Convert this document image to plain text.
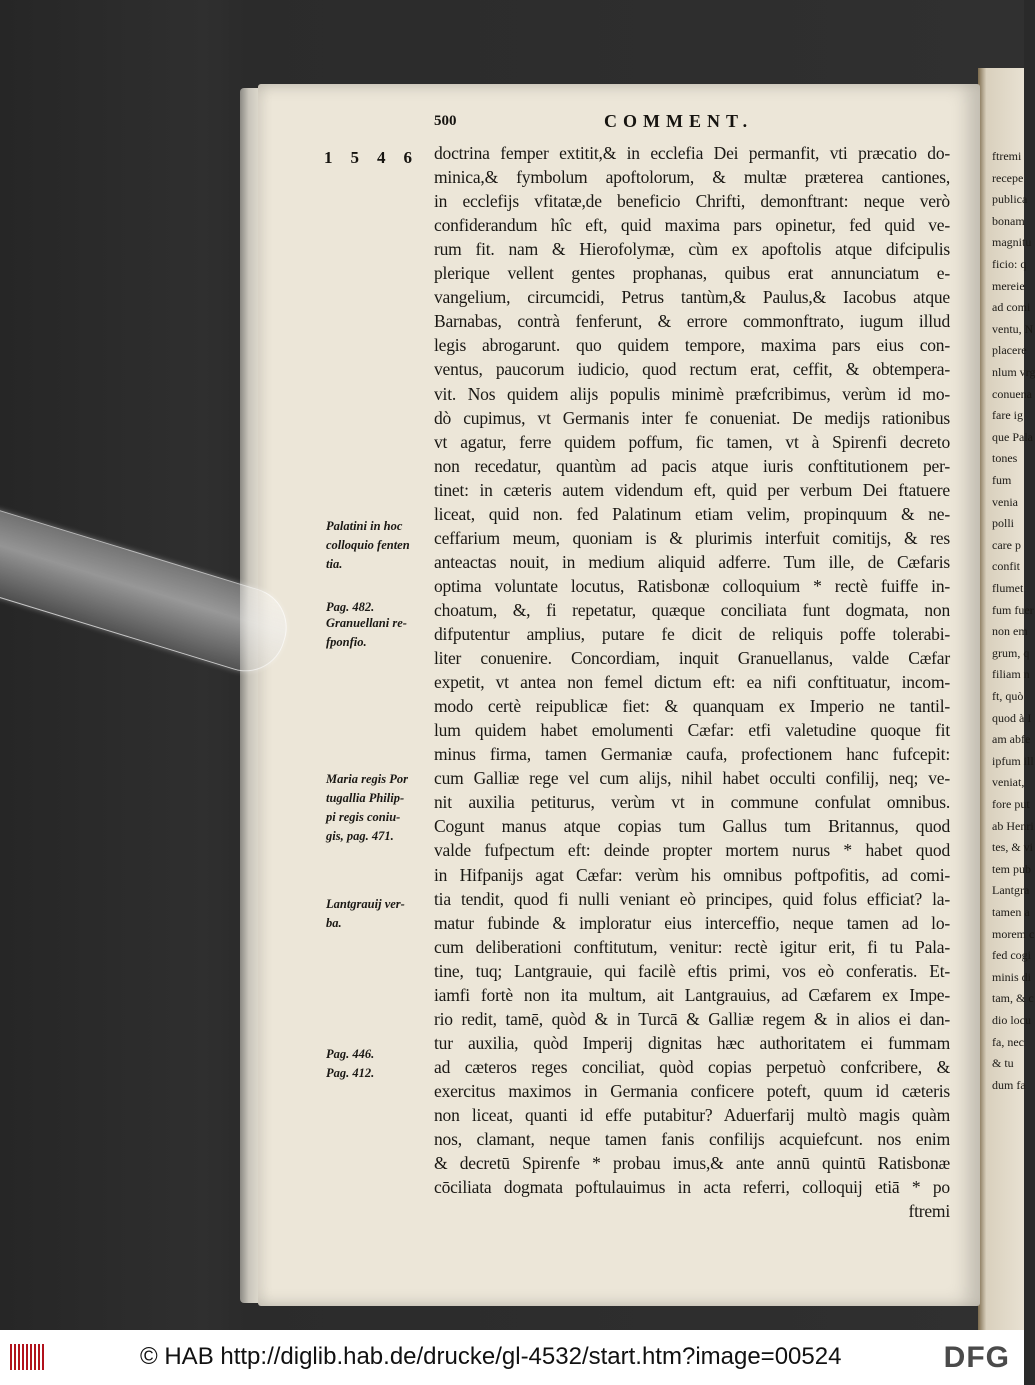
ftremi
recepe
publica
bonam
magnitu
ficio: q
mereie
ad comi
ventu, N
placere
nlum vrg
conuena
fare ig
que Pala
tones
fum
venia
polli
care p
confit
flumet
fum fuer
non em
grum, q
filiam n
ft, quò
quod à I
am abfe
ipfum ill
veniat,
fore put
ab Henri
tes, & vi
tem pub
Lantgra
tamen a
morem c
fed cogi
minis di
tam, & c
dio locu
fa, nec
& tu
dum fa
500	COMMENT.
1546 doctrina femper extitit,& in ecclefia Dei permanfit, vti præcatio do-
minica,& fymbolum apoftolorum, & multæ præterea cantiones,
in ecclefijs vfitatæ,de beneficio Chrifti, demonftrant: neque verò
confiderandum hîc eft, quid maxima pars opinetur, fed quid ve-
rum fit. nam & Hierofolymæ, cùm ex apoftolis atque difcipulis
plerique vellent gentes prophanas, quibus erat annunciatum e-
vangelium, circumcidi, Petrus tantùm,& Paulus,& Iacobus atque
Barnabas, contrà fenferunt, & errore commonftrato, iugum illud
legis abrogarunt. quo quidem tempore, maxima pars eius con-
ventus, paucorum iudicio, quod rectum erat, ceffit, & obtempera-
vit. Nos quidem alijs populis minimè præfcribimus, verùm id mo-
dò cupimus, vt Germanis inter fe conueniat. De medijs rationibus
vt agatur, ferre quidem poffum, fic tamen, vt à Spirenfi decreto
non recedatur, quantùm ad pacis atque iuris conftitutionem per-
tinet: in cæteris autem videndum eft, quid per verbum Dei ftatuere
liceat, quid non. fed Palatinum etiam velim, propinquum & ne-
ceffarium meum, quoniam is & plurimis interfuit comitijs, & res
anteactas nouit, in medium aliquid adferre. Tum ille, de Cæfaris
optima voluntate locutus, Ratisbonæ colloquium * rectè fuiffe in-
choatum, &, fi repetatur, quæque conciliata funt dogmata, non
difputentur amplius, putare fe dicit de reliquis poffe tolerabi-
liter conuenire. Concordiam, inquit Granuellanus, valde Cæfar
expetit, vt antea non femel dictum eft: ea nifi conftituatur, incom-
modo certè reipublicæ fiet: & quanquam ex Imperio ne tantil-
lum quidem habet emolumenti Cæfar: etfi valetudine quoque fit
minus firma, tamen Germaniæ caufa, profectionem hanc fufcepit:
cum Galliæ rege vel cum alijs, nihil habet occulti confilij, neq; ve-
nit auxilia petiturus, verùm vt in commune confulat omnibus.
Cogunt manus atque copias tum Gallus tum Britannus, quod
valde fufpectum eft: deinde propter mortem nurus * habet quod
in Hifpanijs agat Cæfar: verùm his omnibus poftpofitis, ad comi-
tia tendit, quod fi nulli veniant eò principes, quid folus efficiat? la-
matur fubinde & imploratur eius interceffio, neque tamen ad lo-
cum deliberationi conftitutum, venitur: rectè igitur erit, fi tu Pala-
tine, tuq; Lantgrauie, qui facilè eftis primi, vos eò conferatis. Et-
iamfi fortè non ita multum, ait Lantgrauius, ad Cæfarem ex Impe-
rio redit, tamē, quòd & in Turcā & Galliæ regem & in alios ei dan-
tur auxilia, quòd Imperij dignitas hæc authoritatem ei fummam
ad cæteros reges conciliat, quòd copias perpetuò confcribere, &
exercitus maximos in Germania conficere poteft, quum id cæteris
non liceat, quanti id effe putabitur? Aduerfarij multò magis quàm
nos, clamant, neque tamen fanis confilijs acquiefcunt. nos enim
& decretū Spirenfe * probau imus,& ante annū quintū Ratisbonæ
cōciliata dogmata poftulauimus in acta referri, colloquij etiā * po
ftremi
Palatini in hoc
colloquio fenten
tia.
Pag. 482.
Granuellani re-
fponfio.
Maria regis Por
tugallia Philip-
pi regis coniu-
gis, pag. 471.
Lantgrauij ver-
ba.
Pag. 446.
Pag. 412.
© HAB http://diglib.hab.de/drucke/gl-4532/start.htm?image=00524	DFG
